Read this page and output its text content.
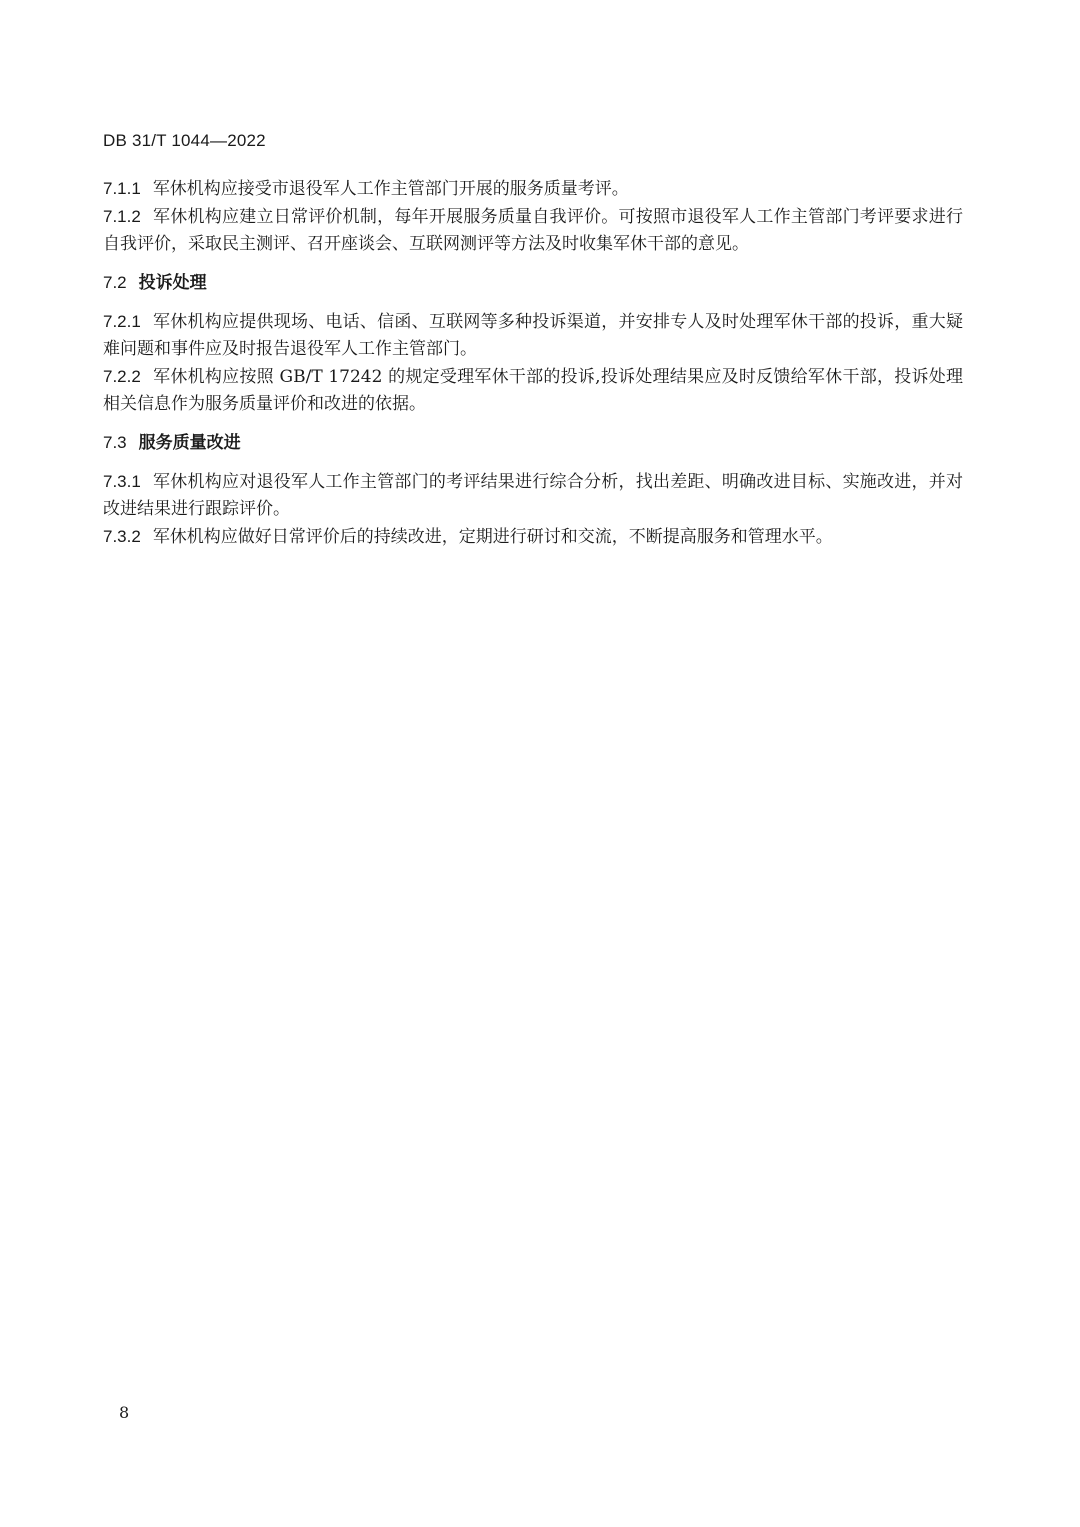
DB 31/T 1044—2022

7.1.1 军休机构应接受市退役军人工作主管部门开展的服务质量考评。

7.1.2 军休机构应建立日常评价机制，每年开展服务质量自我评价。可按照市退役军人工作主管部门考评要求进行自我评价，采取民主测评、召开座谈会、互联网测评等方法及时收集军休干部的意见。

7.2 投诉处理

7.2.1 军休机构应提供现场、电话、信函、互联网等多种投诉渠道，并安排专人及时处理军休干部的投诉，重大疑难问题和事件应及时报告退役军人工作主管部门。

7.2.2 军休机构应按照 GB/T 17242 的规定受理军休干部的投诉,投诉处理结果应及时反馈给军休干部，投诉处理相关信息作为服务质量评价和改进的依据。

7.3 服务质量改进

7.3.1 军休机构应对退役军人工作主管部门的考评结果进行综合分析，找出差距、明确改进目标、实施改进，并对改进结果进行跟踪评价。

7.3.2 军休机构应做好日常评价后的持续改进，定期进行研讨和交流，不断提高服务和管理水平。

8
